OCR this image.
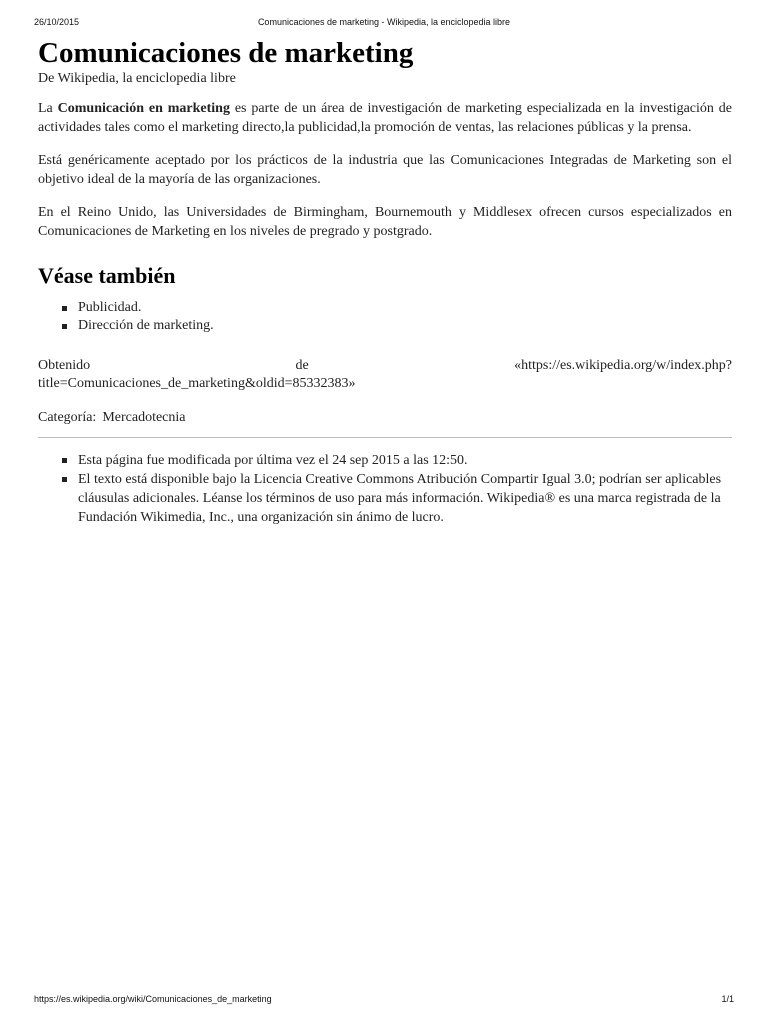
26/10/2015	Comunicaciones de marketing - Wikipedia, la enciclopedia libre
Comunicaciones de marketing
De Wikipedia, la enciclopedia libre

La Comunicación en marketing es parte de un área de investigación de marketing especializada en la investigación de actividades tales como el marketing directo,la publicidad,la promoción de ventas, las relaciones públicas y la prensa.

Está genéricamente aceptado por los prácticos de la industria que las Comunicaciones Integradas de Marketing son el objetivo ideal de la mayoría de las organizaciones.

En el Reino Unido, las Universidades de Birmingham, Bournemouth y Middlesex ofrecen cursos especializados en Comunicaciones de Marketing en los niveles de pregrado y postgrado.

Véase también
Publicidad.
Dirección de marketing.
Obtenido	de	«https://es.wikipedia.org/w/index.php?
title=Comunicaciones_de_marketing&oldid=85332383»
Categoría: Mercadotecnia
Esta página fue modificada por última vez el 24 sep 2015 a las 12:50.
El texto está disponible bajo la Licencia Creative Commons Atribución Compartir Igual 3.0; podrían ser aplicables cláusulas adicionales. Léanse los términos de uso para más información. Wikipedia® es una marca registrada de la Fundación Wikimedia, Inc., una organización sin ánimo de lucro.
https://es.wikipedia.org/wiki/Comunicaciones_de_marketing	1/1
